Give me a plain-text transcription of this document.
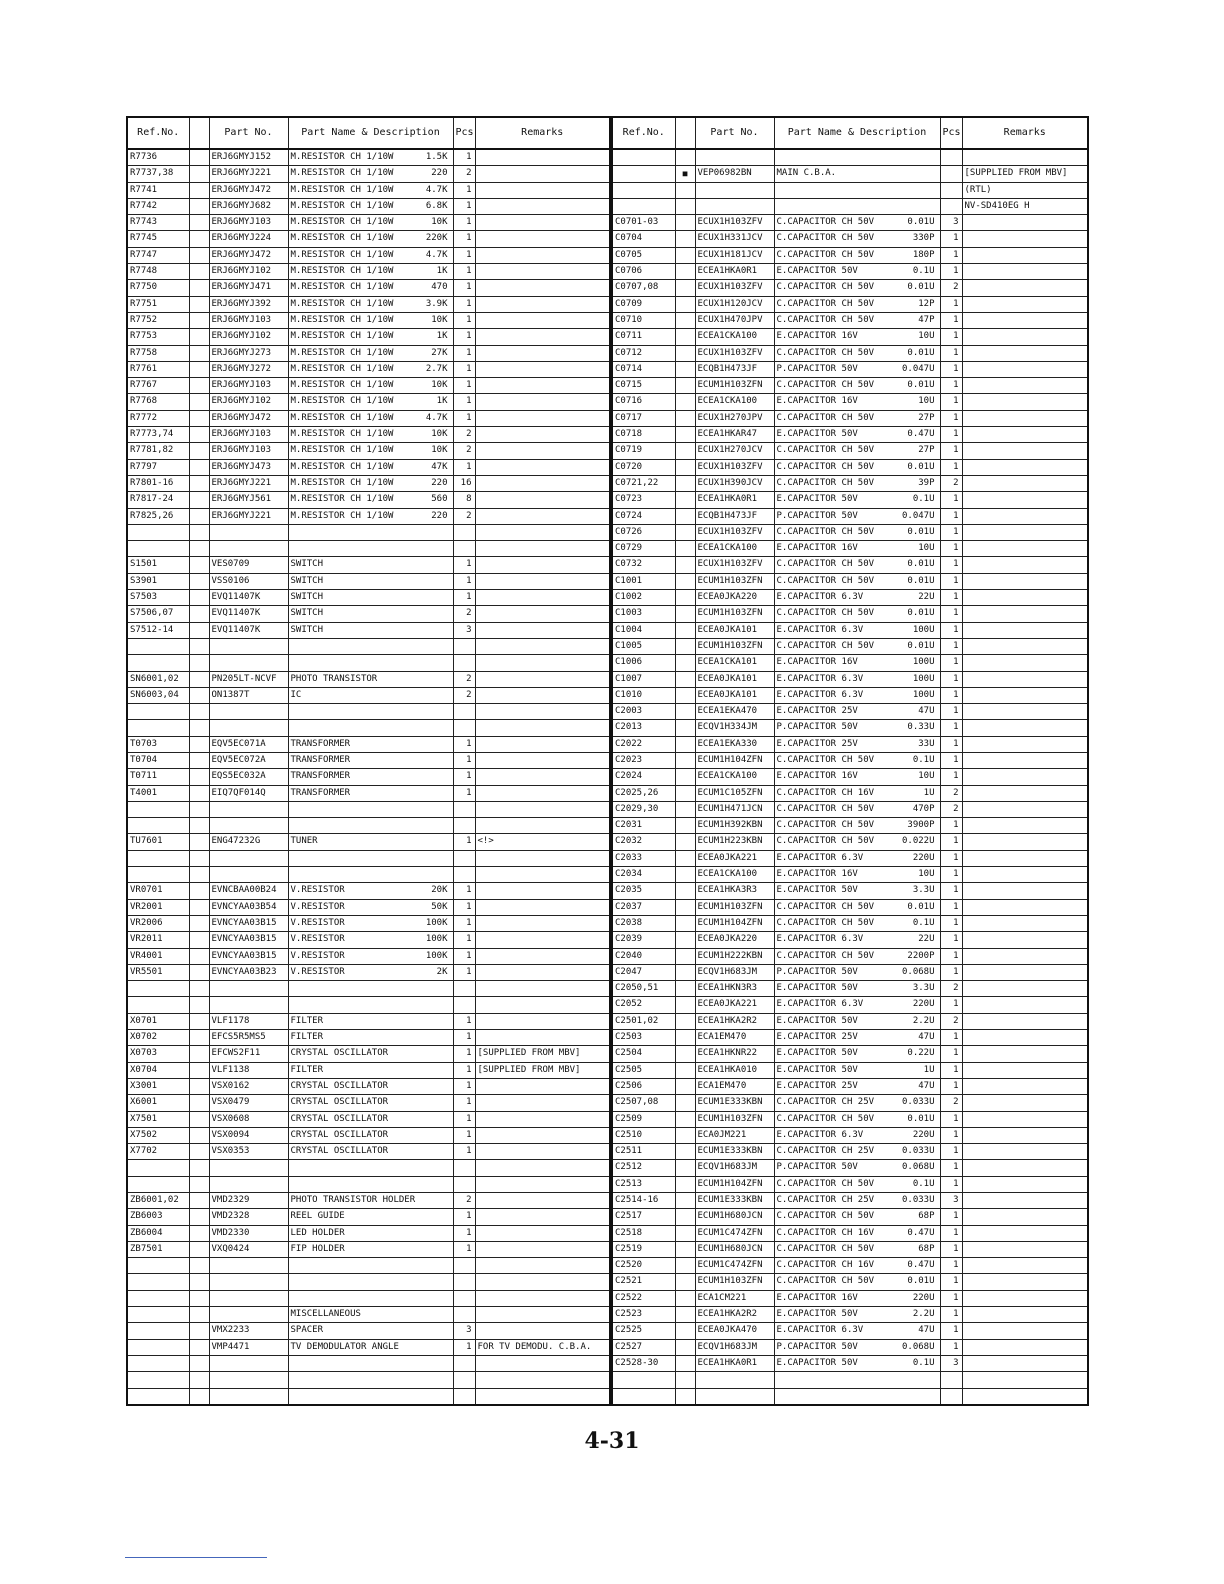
Ref.No.		Part No.	Part Name & Description	Pcs	Remarks
R7736		ERJ6GMYJ152	M.RESISTOR CH 1/10W 1.5K	1	
R7737,38		ERJ6GMYJ221	M.RESISTOR CH 1/10W 220	2	
R7741		ERJ6GMYJ472	M.RESISTOR CH 1/10W 4.7K	1	
R7742		ERJ6GMYJ682	M.RESISTOR CH 1/10W 6.8K	1	
R7743		ERJ6GMYJ103	M.RESISTOR CH 1/10W 10K	1	
R7745		ERJ6GMYJ224	M.RESISTOR CH 1/10W 220K	1	
R7747		ERJ6GMYJ472	M.RESISTOR CH 1/10W 4.7K	1	
R7748		ERJ6GMYJ102	M.RESISTOR CH 1/10W 1K	1	
R7750		ERJ6GMYJ471	M.RESISTOR CH 1/10W 470	1	
R7751		ERJ6GMYJ392	M.RESISTOR CH 1/10W 3.9K	1	
R7752		ERJ6GMYJ103	M.RESISTOR CH 1/10W 10K	1	
R7753		ERJ6GMYJ102	M.RESISTOR CH 1/10W 1K	1	
R7758		ERJ6GMYJ273	M.RESISTOR CH 1/10W 27K	1	
R7761		ERJ6GMYJ272	M.RESISTOR CH 1/10W 2.7K	1	
R7767		ERJ6GMYJ103	M.RESISTOR CH 1/10W 10K	1	
R7768		ERJ6GMYJ102	M.RESISTOR CH 1/10W 1K	1	
R7772		ERJ6GMYJ472	M.RESISTOR CH 1/10W 4.7K	1	
R7773,74		ERJ6GMYJ103	M.RESISTOR CH 1/10W 10K	2	
R7781,82		ERJ6GMYJ103	M.RESISTOR CH 1/10W 10K	2	
R7797		ERJ6GMYJ473	M.RESISTOR CH 1/10W 47K	1	
R7801-16		ERJ6GMYJ221	M.RESISTOR CH 1/10W 220	16	
R7817-24		ERJ6GMYJ561	M.RESISTOR CH 1/10W 560	8	
R7825,26		ERJ6GMYJ221	M.RESISTOR CH 1/10W 220	2	

S1501		VES0709	SWITCH	1	
S3901		VSS0106	SWITCH	1	
S7503		EVQ11407K	SWITCH	1	
S7506,07		EVQ11407K	SWITCH	2	
S7512-14		EVQ11407K	SWITCH	3	

SN6001,02		PN205LT-NCVF	PHOTO TRANSISTOR	2	
SN6003,04		ON1387T	IC	2	

T0703		EQV5EC071A	TRANSFORMER	1	
T0704		EQV5EC072A	TRANSFORMER	1	
T0711		EQS5EC032A	TRANSFORMER	1	
T4001		EIQ7QF014Q	TRANSFORMER	1	

TU7601		ENG47232G	TUNER	1	<!>

VR0701		EVNCBAA00B24	V.RESISTOR 20K	1	
VR2001		EVNCYAA03B54	V.RESISTOR 50K	1	
VR2006		EVNCYAA03B15	V.RESISTOR 100K	1	
VR2011		EVNCYAA03B15	V.RESISTOR 100K	1	
VR4001		EVNCYAA03B15	V.RESISTOR 100K	1	
VR5501		EVNCYAA03B23	V.RESISTOR 2K	1	

X0701		VLF1178	FILTER	1	
X0702		EFCS5R5MS5	FILTER	1	
X0703		EFCWS2F11	CRYSTAL OSCILLATOR	1	[SUPPLIED FROM MBV]
X0704		VLF1138	FILTER	1	[SUPPLIED FROM MBV]
X3001		VSX0162	CRYSTAL OSCILLATOR	1	
X6001		VSX0479	CRYSTAL OSCILLATOR	1	
X7501		VSX0608	CRYSTAL OSCILLATOR	1	
X7502		VSX0094	CRYSTAL OSCILLATOR	1	
X7702		VSX0353	CRYSTAL OSCILLATOR	1	

ZB6001,02		VMD2329	PHOTO TRANSISTOR HOLDER	2	
ZB6003		VMD2328	REEL GUIDE	1	
ZB6004		VMD2330	LED HOLDER	1	
ZB7501		VXQ0424	FIP HOLDER	1	

			MISCELLANEOUS		

		VMX2233	SPACER	3	
		VMP4471	TV DEMODULATOR ANGLE	1	FOR TV DEMODU. C.B.A.

Ref.No.		Part No.	Part Name & Description	Pcs	Remarks

	■	VEP06982BN	MAIN C.B.A.		[SUPPLIED FROM MBV]

		(RTL)

		NV-SD410EG H
C0701-03		ECUX1H103ZFV	C.CAPACITOR CH 50V 0.01U	3	
C0704		ECUX1H331JCV	C.CAPACITOR CH 50V 330P	1	
C0705		ECUX1H181JCV	C.CAPACITOR CH 50V 180P	1	
C0706		ECEA1HKA0R1	E.CAPACITOR 50V 0.1U	1	
C0707,08		ECUX1H103ZFV	C.CAPACITOR CH 50V 0.01U	2	
C0709		ECUX1H120JCV	C.CAPACITOR CH 50V 12P	1	
C0710		ECUX1H470JPV	C.CAPACITOR CH 50V 47P	1	
C0711		ECEA1CKA100	E.CAPACITOR 16V 10U	1	
C0712		ECUX1H103ZFV	C.CAPACITOR CH 50V 0.01U	1	
C0714		ECQB1H473JF	P.CAPACITOR 50V 0.047U	1	
C0715		ECUM1H103ZFN	C.CAPACITOR CH 50V 0.01U	1	
C0716		ECEA1CKA100	E.CAPACITOR 16V 10U	1	
C0717		ECUX1H270JPV	C.CAPACITOR CH 50V 27P	1	
C0718		ECEA1HKAR47	E.CAPACITOR 50V 0.47U	1	
C0719		ECUX1H270JCV	C.CAPACITOR CH 50V 27P	1	
C0720		ECUX1H103ZFV	C.CAPACITOR CH 50V 0.01U	1	
C0721,22		ECUX1H390JCV	C.CAPACITOR CH 50V 39P	2	
C0723		ECEA1HKA0R1	E.CAPACITOR 50V 0.1U	1	
C0724		ECQB1H473JF	P.CAPACITOR 50V 0.047U	1	
C0726		ECUX1H103ZFV	C.CAPACITOR CH 50V 0.01U	1	
C0729		ECEA1CKA100	E.CAPACITOR 16V 10U	1	
C0732		ECUX1H103ZFV	C.CAPACITOR CH 50V 0.01U	1	
C1001		ECUM1H103ZFN	C.CAPACITOR CH 50V 0.01U	1	
C1002		ECEA0JKA220	E.CAPACITOR 6.3V 22U	1	
C1003		ECUM1H103ZFN	C.CAPACITOR CH 50V 0.01U	1	
C1004		ECEA0JKA101	E.CAPACITOR 6.3V 100U	1	
C1005		ECUM1H103ZFN	C.CAPACITOR CH 50V 0.01U	1	
C1006		ECEA1CKA101	E.CAPACITOR 16V 100U	1	
C1007		ECEA0JKA101	E.CAPACITOR 6.3V 100U	1	
C1010		ECEA0JKA101	E.CAPACITOR 6.3V 100U	1	
C2003		ECEA1EKA470	E.CAPACITOR 25V 47U	1	
C2013		ECQV1H334JM	P.CAPACITOR 50V 0.33U	1	
C2022		ECEA1EKA330	E.CAPACITOR 25V 33U	1	
C2023		ECUM1H104ZFN	C.CAPACITOR CH 50V 0.1U	1	
C2024		ECEA1CKA100	E.CAPACITOR 16V 10U	1	
C2025,26		ECUM1C105ZFN	C.CAPACITOR CH 16V 1U	2	
C2029,30		ECUM1H471JCN	C.CAPACITOR CH 50V 470P	2	
C2031		ECUM1H392KBN	C.CAPACITOR CH 50V 3900P	1	
C2032		ECUM1H223KBN	C.CAPACITOR CH 50V 0.022U	1	
C2033		ECEA0JKA221	E.CAPACITOR 6.3V 220U	1	
C2034		ECEA1CKA100	E.CAPACITOR 16V 10U	1	
C2035		ECEA1HKA3R3	E.CAPACITOR 50V 3.3U	1	
C2037		ECUM1H103ZFN	C.CAPACITOR CH 50V 0.01U	1	
C2038		ECUM1H104ZFN	C.CAPACITOR CH 50V 0.1U	1	
C2039		ECEA0JKA220	E.CAPACITOR 6.3V 22U	1	
C2040		ECUM1H222KBN	C.CAPACITOR CH 50V 2200P	1	
C2047		ECQV1H683JM	P.CAPACITOR 50V 0.068U	1	
C2050,51		ECEA1HKN3R3	E.CAPACITOR 50V 3.3U	2	
C2052		ECEA0JKA221	E.CAPACITOR 6.3V 220U	1	
C2501,02		ECEA1HKA2R2	E.CAPACITOR 50V 2.2U	2	
C2503		ECA1EM470	E.CAPACITOR 25V 47U	1	
C2504		ECEA1HKNR22	E.CAPACITOR 50V 0.22U	1	
C2505		ECEA1HKA010	E.CAPACITOR 50V 1U	1	
C2506		ECA1EM470	E.CAPACITOR 25V 47U	1	
C2507,08		ECUM1E333KBN	C.CAPACITOR CH 25V 0.033U	2	
C2509		ECUM1H103ZFN	C.CAPACITOR CH 50V 0.01U	1	
C2510		ECA0JM221	E.CAPACITOR 6.3V 220U	1	
C2511		ECUM1E333KBN	C.CAPACITOR CH 25V 0.033U	1	
C2512		ECQV1H683JM	P.CAPACITOR 50V 0.068U	1	
C2513		ECUM1H104ZFN	C.CAPACITOR CH 50V 0.1U	1	
C2514-16		ECUM1E333KBN	C.CAPACITOR CH 25V 0.033U	3	
C2517		ECUM1H680JCN	C.CAPACITOR CH 50V 68P	1	
C2518		ECUM1C474ZFN	C.CAPACITOR CH 16V 0.47U	1	
C2519		ECUM1H680JCN	C.CAPACITOR CH 50V 68P	1	
C2520		ECUM1C474ZFN	C.CAPACITOR CH 16V 0.47U	1	
C2521		ECUM1H103ZFN	C.CAPACITOR CH 50V 0.01U	1	
C2522		ECA1CM221	E.CAPACITOR 16V 220U	1	
C2523		ECEA1HKA2R2	E.CAPACITOR 50V 2.2U	1	
C2525		ECEA0JKA470	E.CAPACITOR 6.3V 47U	1	
C2527		ECQV1H683JM	P.CAPACITOR 50V 0.068U	1	
C2528-30		ECEA1HKA0R1	E.CAPACITOR 50V 0.1U	3	

4-31
